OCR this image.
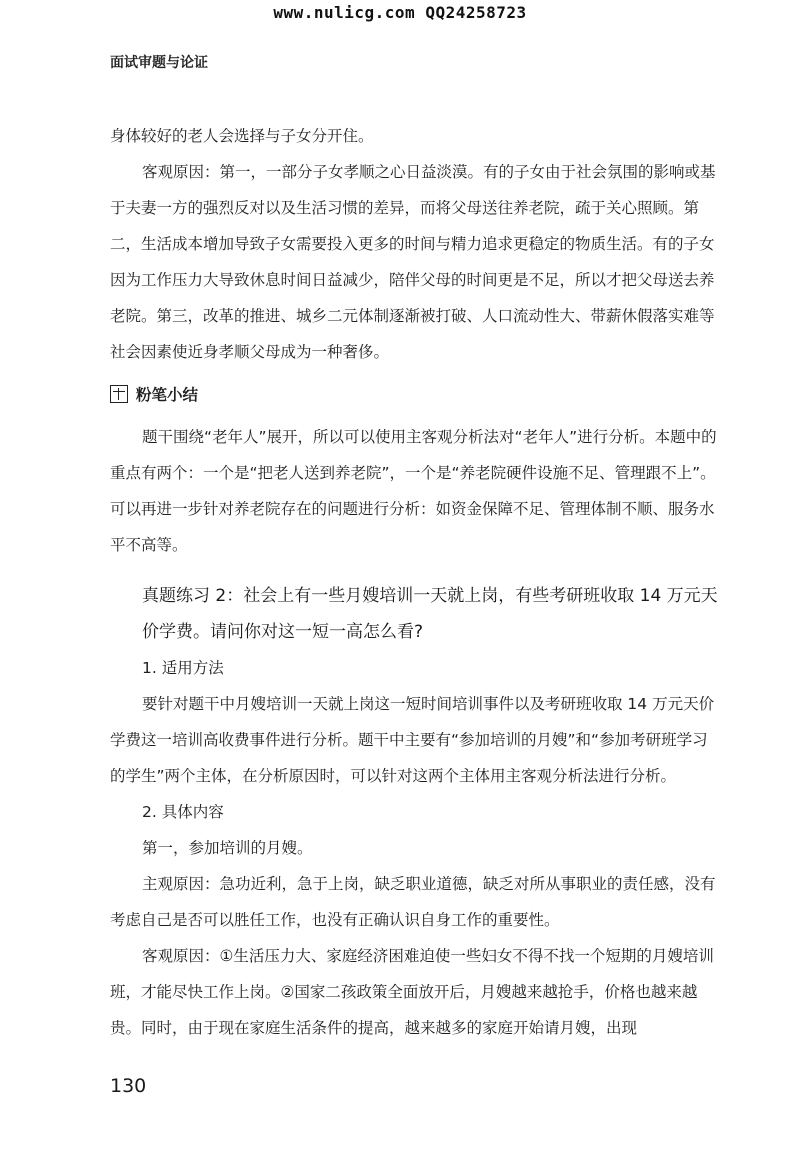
www.nulicg.com QQ24258723
面试审题与论证

身体较好的老人会选择与子女分开住。

客观原因：第一，一部分子女孝顺之心日益淡漠。有的子女由于社会氛围的影响或基于夫妻一方的强烈反对以及生活习惯的差异，而将父母送往养老院，疏于关心照顾。第二，生活成本增加导致子女需要投入更多的时间与精力追求更稳定的物质生活。有的子女因为工作压力大导致休息时间日益减少，陪伴父母的时间更是不足，所以才把父母送去养老院。第三，改革的推进、城乡二元体制逐渐被打破、人口流动性大、带薪休假落实难等社会因素使近身孝顺父母成为一种奢侈。

粉笔小结

题干围绕“老年人”展开，所以可以使用主客观分析法对“老年人”进行分析。本题中的重点有两个：一个是“把老人送到养老院”，一个是“养老院硬件设施不足、管理跟不上”。可以再进一步针对养老院存在的问题进行分析：如资金保障不足、管理体制不顺、服务水平不高等。

真题练习 2：社会上有一些月嫂培训一天就上岗，有些考研班收取 14 万元天价学费。请问你对这一短一高怎么看?

1. 适用方法

要针对题干中月嫂培训一天就上岗这一短时间培训事件以及考研班收取 14 万元天价学费这一培训高收费事件进行分析。题干中主要有“参加培训的月嫂”和“参加考研班学习的学生”两个主体，在分析原因时，可以针对这两个主体用主客观分析法进行分析。

2. 具体内容

第一，参加培训的月嫂。

主观原因：急功近利，急于上岗，缺乏职业道德，缺乏对所从事职业的责任感，没有考虑自己是否可以胜任工作，也没有正确认识自身工作的重要性。

客观原因：①生活压力大、家庭经济困难迫使一些妇女不得不找一个短期的月嫂培训班，才能尽快工作上岗。②国家二孩政策全面放开后，月嫂越来越抢手，价格也越来越贵。同时，由于现在家庭生活条件的提高，越来越多的家庭开始请月嫂，出现

130
